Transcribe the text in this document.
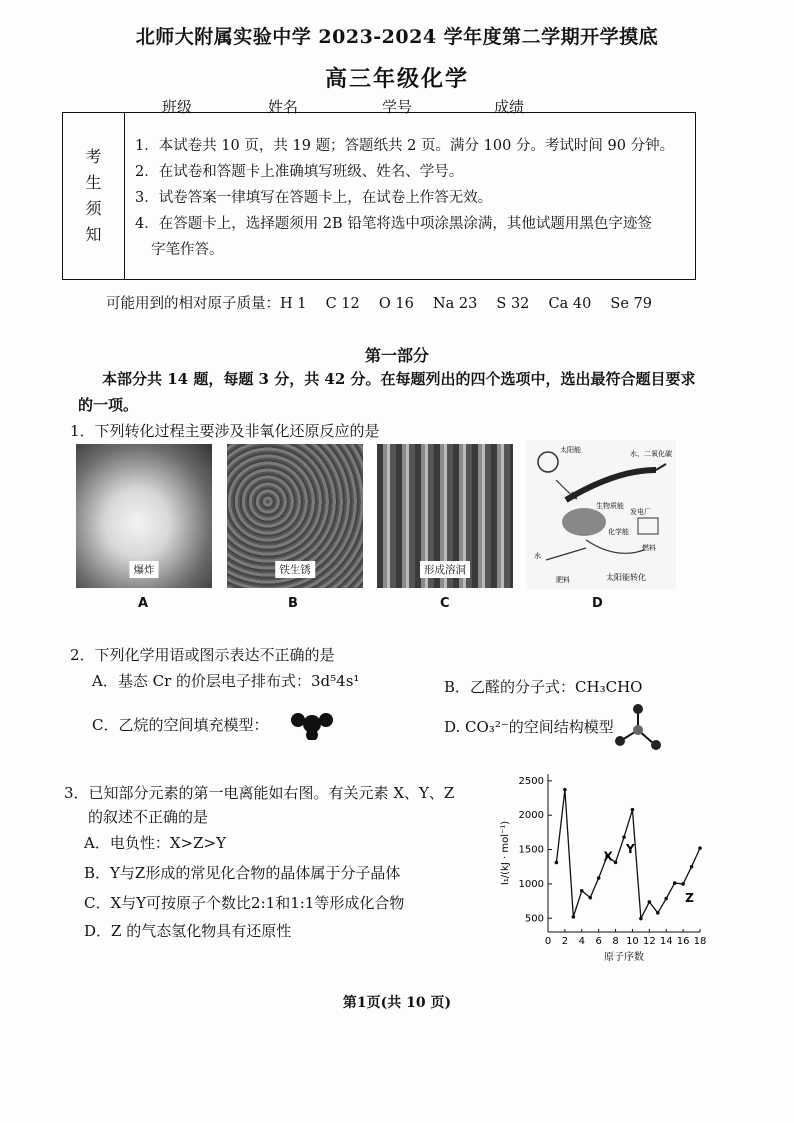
北师大附属实验中学 2023-2024 学年度第二学期开学摸底
高三年级化学
班级	姓名	学号	成绩
考
生
须
知
1．本试卷共 10 页，共 19 题；答题纸共 2 页。满分 100 分。考试时间 90 分钟。
2．在试卷和答题卡上准确填写班级、姓名、学号。
3．试卷答案一律填写在答题卡上，在试卷上作答无效。
4．在答题卡上，选择题须用 2B 铅笔将选中项涂黑涂满，其他试题用黑色字迹签
字笔作答。
可能用到的相对原子质量：H 1　 C 12　 O 16　 Na 23　 S 32　 Ca 40　 Se 79
第一部分
本部分共 14 题，每题 3 分，共 42 分。在每题列出的四个选项中，选出最符合题目要求的一项。
1．下列转化过程主要涉及非氧化还原反应的是
爆炸	铁生锈	形成溶洞
太阳能	水、二氧化碳
生物质能
化学能
发电厂
燃料
水
肥料	太阳能转化
A	B	C	D
2．下列化学用语或图示表达不正确的是
A．基态 Cr 的价层电子排布式：3d⁵4s¹	B．乙醛的分子式：CH₃CHO
C．乙烷的空间填充模型：	D. CO₃²⁻的空间结构模型
3．已知部分元素的第一电离能如右图。有关元素 X、Y、Z
的叙述不正确的是
A．电负性：X>Z>Y
B．Y与Z形成的常见化合物的晶体属于分子晶体
C．X与Y可按原子个数比2:1和1:1等形成化合物
D．Z 的气态氢化物具有还原性
500
1000
1500
2000
2500
0 2 4 6 8 10 12 14 16 18
X
Y
Z
I₁/(kJ · mol⁻¹)
原子序数
第1页(共 10 页)
